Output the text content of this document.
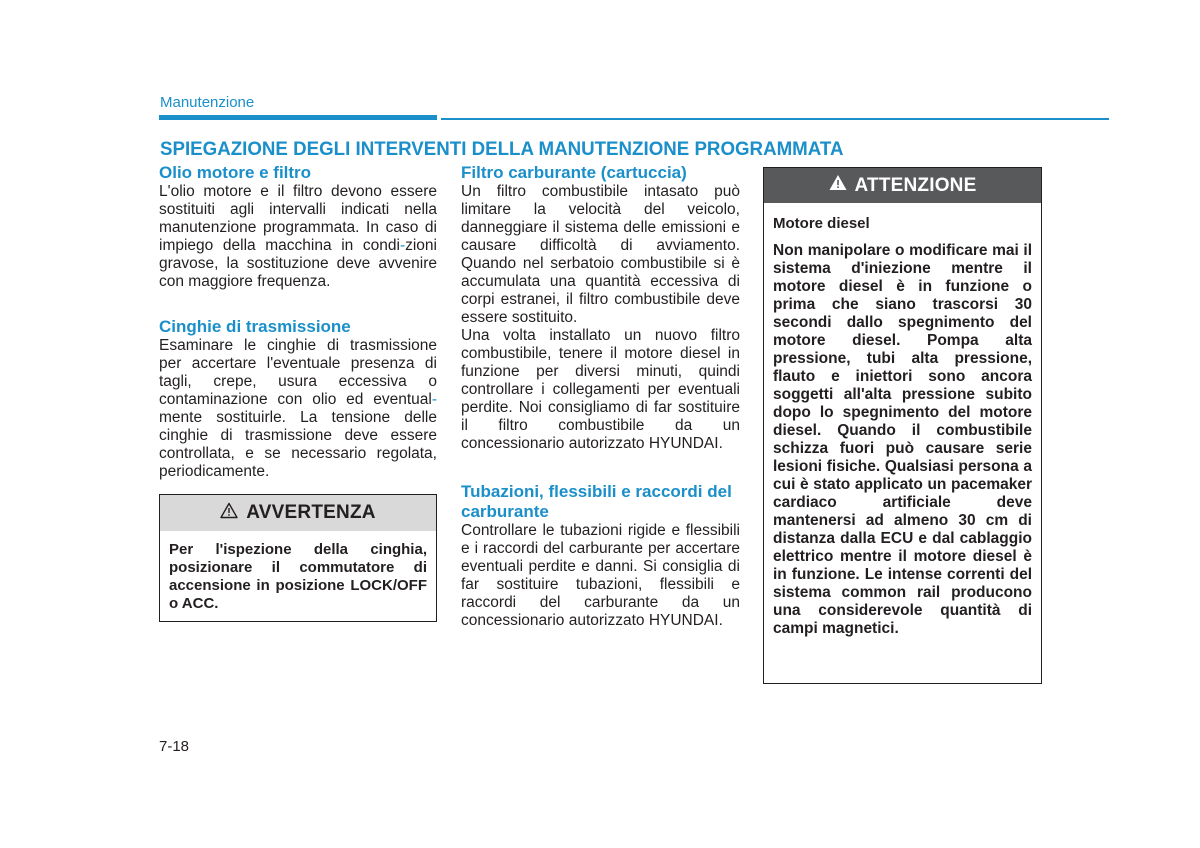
Manutenzione
SPIEGAZIONE DEGLI INTERVENTI DELLA MANUTENZIONE PROGRAMMATA
Olio motore e filtro

L'olio motore e il filtro devono essere sostituiti agli intervalli indicati nella manutenzione programmata. In caso di impiego della macchina in condi-zioni gravose, la sostituzione deve avvenire con maggiore frequenza.

Cinghie di trasmissione

Esaminare le cinghie di trasmissione per accertare l'eventuale presenza di tagli, crepe, usura eccessiva o contaminazione con olio ed eventual-mente sostituirle. La tensione delle cinghie di trasmissione deve essere controllata, e se necessario regolata, periodicamente.

AVVERTENZA
Per l'ispezione della cinghia, posizionare il commutatore di accensione in posizione LOCK/OFF o ACC.
Filtro carburante (cartuccia)

Un filtro combustibile intasato può limitare la velocità del veicolo, danneggiare il sistema delle emissioni e causare difficoltà di avviamento. Quando nel serbatoio combustibile si è accumulata una quantità eccessiva di corpi estranei, il filtro combustibile deve essere sostituito.

Una volta installato un nuovo filtro combustibile, tenere il motore diesel in funzione per diversi minuti, quindi controllare i collegamenti per eventuali perdite. Noi consigliamo di far sostituire il filtro combustibile da un concessionario autorizzato HYUNDAI.

Tubazioni, flessibili e raccordi del carburante

Controllare le tubazioni rigide e flessibili e i raccordi del carburante per accertare eventuali perdite e danni. Si consiglia di far sostituire tubazioni, flessibili e raccordi del carburante da un concessionario autorizzato HYUNDAI.

ATTENZIONE
Motore diesel
Non manipolare o modificare mai il sistema d'iniezione mentre il motore diesel è in funzione o prima che siano trascorsi 30 secondi dallo spegnimento del motore diesel. Pompa alta pressione, tubi alta pressione, flauto e iniettori sono ancora soggetti all'alta pressione subito dopo lo spegnimento del motore diesel. Quando il combustibile schizza fuori può causare serie lesioni fisiche. Qualsiasi persona a cui è stato applicato un pacemaker cardiaco artificiale deve mantenersi ad almeno 30 cm di distanza dalla ECU e dal cablaggio elettrico mentre il motore diesel è in funzione. Le intense correnti del sistema common rail producono una considerevole quantità di campi magnetici.
7-18
